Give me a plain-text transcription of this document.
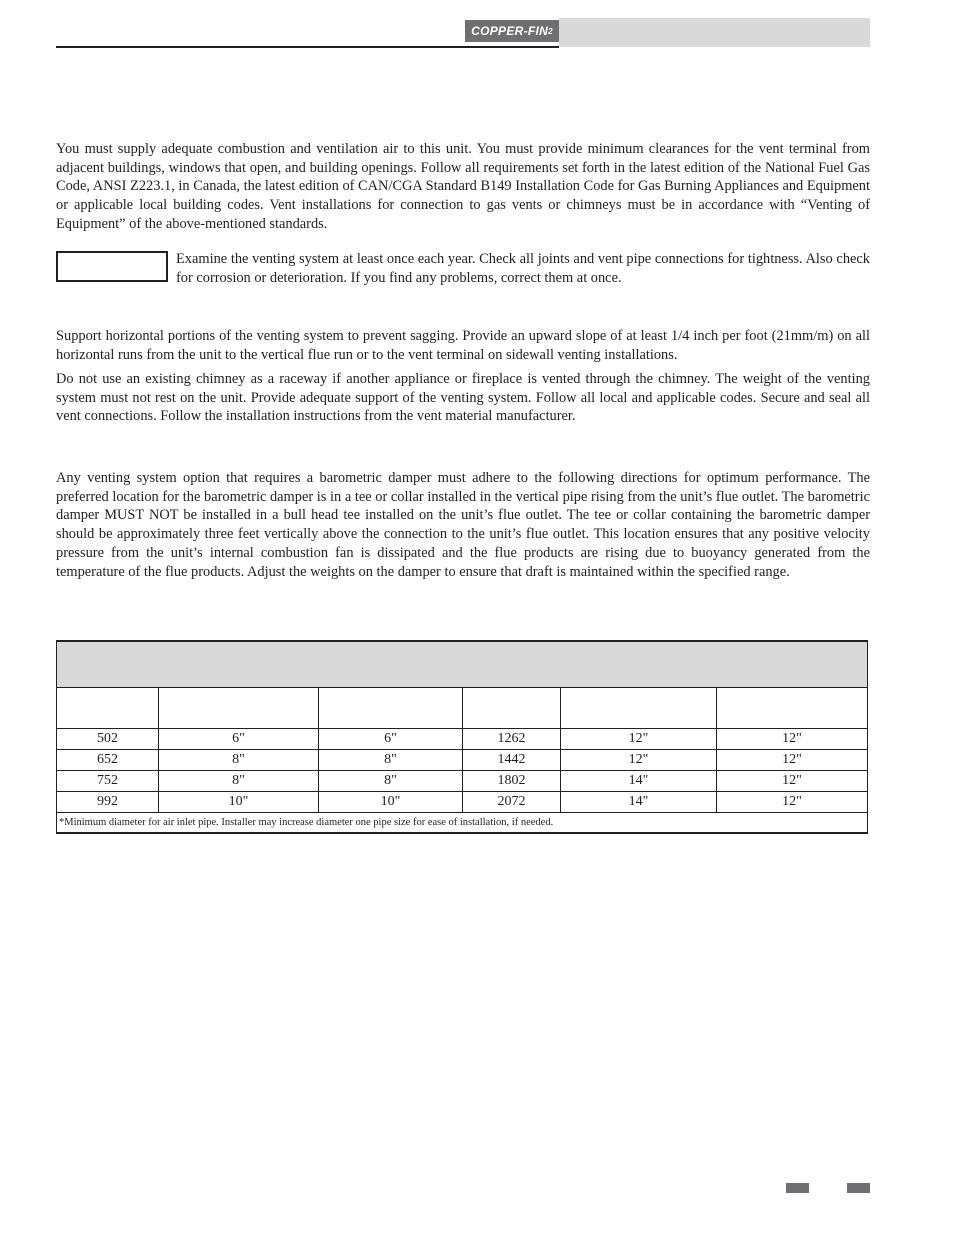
COPPER-FIN 2

You must supply adequate combustion and ventilation air to this unit. You must provide minimum clearances for the vent terminal from adjacent buildings, windows that open, and building openings. Follow all requirements set forth in the latest edition of the National Fuel Gas Code, ANSI Z223.1, in Canada, the latest edition of CAN/CGA Standard B149 Installation Code for Gas Burning Appliances and Equipment or applicable local building codes. Vent installations for connection to gas vents or chimneys must be in accordance with “Venting of Equipment” of the above-mentioned standards.

Examine the venting system at least once each year. Check all joints and vent pipe connections for tightness. Also check for corrosion or deterioration. If you find any problems, correct them at once.

Support horizontal portions of the venting system to prevent sagging. Provide an upward slope of at least 1/4 inch per foot (21mm/m) on all horizontal runs from the unit to the vertical flue run or to the vent terminal on sidewall venting installations.

Do not use an existing chimney as a raceway if another appliance or fireplace is vented through the chimney. The weight of the venting system must not rest on the unit. Provide adequate support of the venting system. Follow all local and applicable codes. Secure and seal all vent connections. Follow the installation instructions from the vent material manufacturer.

Any venting system option that requires a barometric damper must adhere to the following directions for optimum performance. The preferred location for the barometric damper is in a tee or collar installed in the vertical pipe rising from the unit’s flue outlet. The barometric damper MUST NOT be installed in a bull head tee installed on the unit’s flue outlet. The tee or collar containing the barometric damper should be approximately three feet vertically above the connection to the unit’s flue outlet. This location ensures that any positive velocity pressure from the unit’s internal combustion fan is dissipated and the flue products are rising due to buoyancy generated from the temperature of the flue products. Adjust the weights on the damper to ensure that draft is maintained within the specified range.

502	6"	6"	1262	12"	12"
652	8"	8"	1442	12"	12"
752	8"	8"	1802	14"	12"
992	10"	10"	2072	14"	12"
*Minimum diameter for air inlet pipe. Installer may increase diameter one pipe size for ease of installation, if needed.					
